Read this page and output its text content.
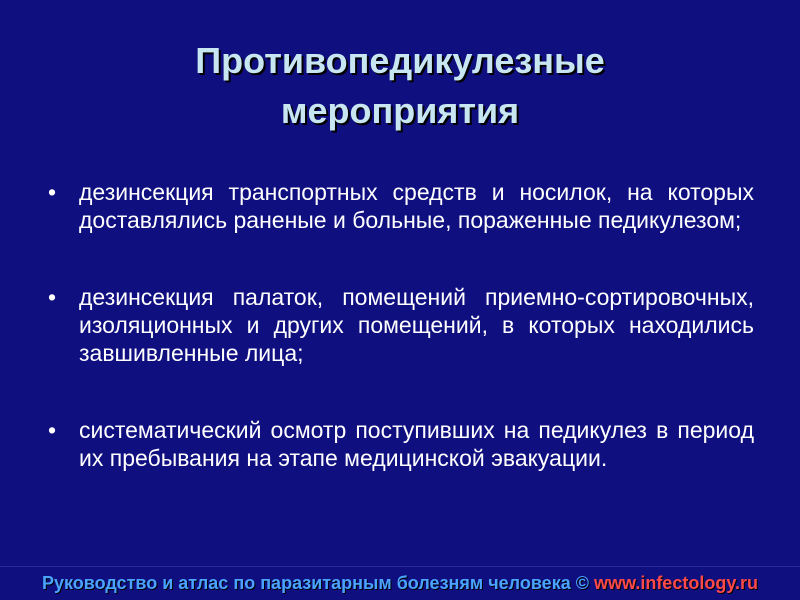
Противопедикулезные
мероприятия
• дезинсекция транспортных средств и носилок, на которых доставлялись раненые и больные, пораженные педикулезом;
• дезинсекция палаток, помещений приемно-сортировочных, изоляционных и других помещений, в которых находились завшивленные лица;
• систематический осмотр поступивших на педикулез в период их пребывания на этапе медицинской эвакуации.
Руководство и атлас по паразитарным болезням человека © www.infectology.ru
